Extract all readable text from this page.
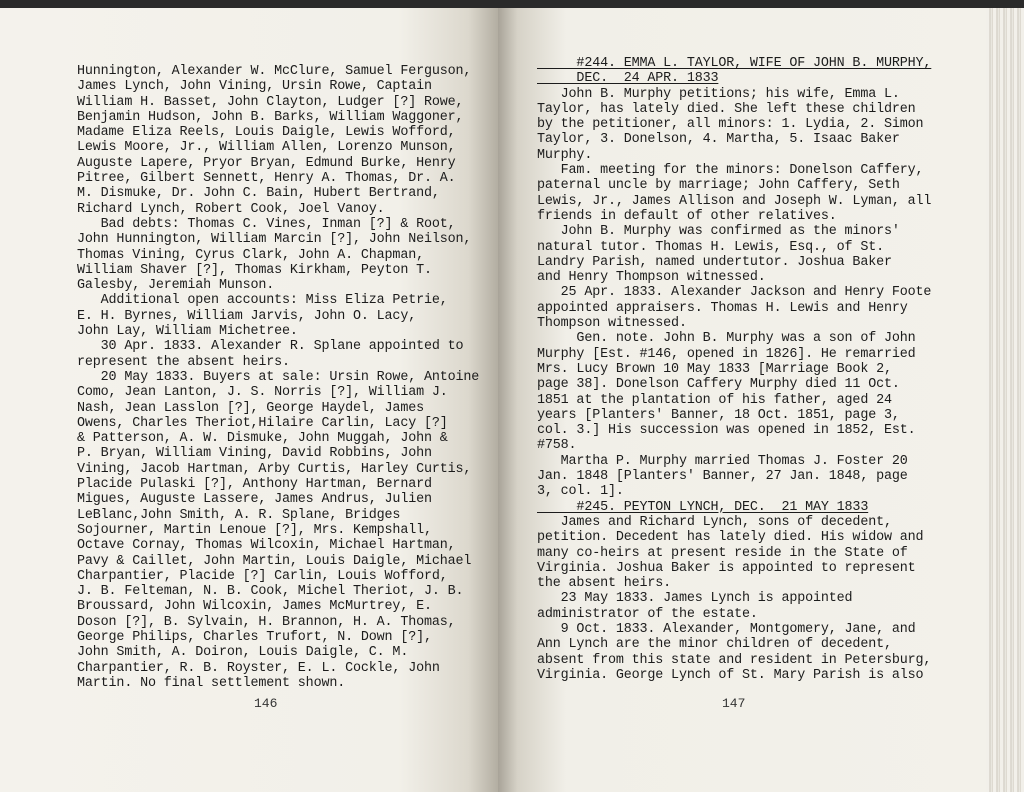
Hunnington, Alexander W. McClure, Samuel Ferguson,
James Lynch, John Vining, Ursin Rowe, Captain
William H. Basset, John Clayton, Ludger [?] Rowe,
Benjamin Hudson, John B. Barks, William Waggoner,
Madame Eliza Reels, Louis Daigle, Lewis Wofford,
Lewis Moore, Jr., William Allen, Lorenzo Munson,
Auguste Lapere, Pryor Bryan, Edmund Burke, Henry
Pitree, Gilbert Sennett, Henry A. Thomas, Dr. A.
M. Dismuke, Dr. John C. Bain, Hubert Bertrand,
Richard Lynch, Robert Cook, Joel Vanoy.
Bad debts: Thomas C. Vines, Inman [?] & Root,
John Hunnington, William Marcin [?], John Neilson,
Thomas Vining, Cyrus Clark, John A. Chapman,
William Shaver [?], Thomas Kirkham, Peyton T.
Galesby, Jeremiah Munson.
Additional open accounts: Miss Eliza Petrie,
E. H. Byrnes, William Jarvis, John O. Lacy,
John Lay, William Michetree.
30 Apr. 1833. Alexander R. Splane appointed to
represent the absent heirs.
20 May 1833. Buyers at sale: Ursin Rowe, Antoine
Como, Jean Lanton, J. S. Norris [?], William J.
Nash, Jean Lasslon [?], George Haydel, James
Owens, Charles Theriot,Hilaire Carlin, Lacy [?]
& Patterson, A. W. Dismuke, John Muggah, John &
P. Bryan, William Vining, David Robbins, John
Vining, Jacob Hartman, Arby Curtis, Harley Curtis,
Placide Pulaski [?], Anthony Hartman, Bernard
Migues, Auguste Lassere, James Andrus, Julien
LeBlanc,John Smith, A. R. Splane, Bridges
Sojourner, Martin Lenoue [?], Mrs. Kempshall,
Octave Cornay, Thomas Wilcoxin, Michael Hartman,
Pavy & Caillet, John Martin, Louis Daigle, Michael
Charpantier, Placide [?] Carlin, Louis Wofford,
J. B. Felteman, N. B. Cook, Michel Theriot, J. B.
Broussard, John Wilcoxin, James McMurtrey, E.
Doson [?], B. Sylvain, H. Brannon, H. A. Thomas,
George Philips, Charles Trufort, N. Down [?],
John Smith, A. Doiron, Louis Daigle, C. M.
Charpantier, R. B. Royster, E. L. Cockle, John
Martin. No final settlement shown.
146
#244. EMMA L. TAYLOR, WIFE OF JOHN B. MURPHY,
DEC.  24 APR. 1833
John B. Murphy petitions; his wife, Emma L.
Taylor, has lately died. She left these children
by the petitioner, all minors: 1. Lydia, 2. Simon
Taylor, 3. Donelson, 4. Martha, 5. Isaac Baker
Murphy.
Fam. meeting for the minors: Donelson Caffery,
paternal uncle by marriage; John Caffery, Seth
Lewis, Jr., James Allison and Joseph W. Lyman, all
friends in default of other relatives.
John B. Murphy was confirmed as the minors'
natural tutor. Thomas H. Lewis, Esq., of St.
Landry Parish, named undertutor. Joshua Baker
and Henry Thompson witnessed.
25 Apr. 1833. Alexander Jackson and Henry Foote
appointed appraisers. Thomas H. Lewis and Henry
Thompson witnessed.
Gen. note. John B. Murphy was a son of John
Murphy [Est. #146, opened in 1826]. He remarried
Mrs. Lucy Brown 10 May 1833 [Marriage Book 2,
page 38]. Donelson Caffery Murphy died 11 Oct.
1851 at the plantation of his father, aged 24
years [Planters' Banner, 18 Oct. 1851, page 3,
col. 3.] His succession was opened in 1852, Est.
#758.
Martha P. Murphy married Thomas J. Foster 20
Jan. 1848 [Planters' Banner, 27 Jan. 1848, page
3, col. 1].
#245. PEYTON LYNCH, DEC.  21 MAY 1833
James and Richard Lynch, sons of decedent,
petition. Decedent has lately died. His widow and
many co-heirs at present reside in the State of
Virginia. Joshua Baker is appointed to represent
the absent heirs.
23 May 1833. James Lynch is appointed
administrator of the estate.
9 Oct. 1833. Alexander, Montgomery, Jane, and
Ann Lynch are the minor children of decedent,
absent from this state and resident in Petersburg,
Virginia. George Lynch of St. Mary Parish is also
147
